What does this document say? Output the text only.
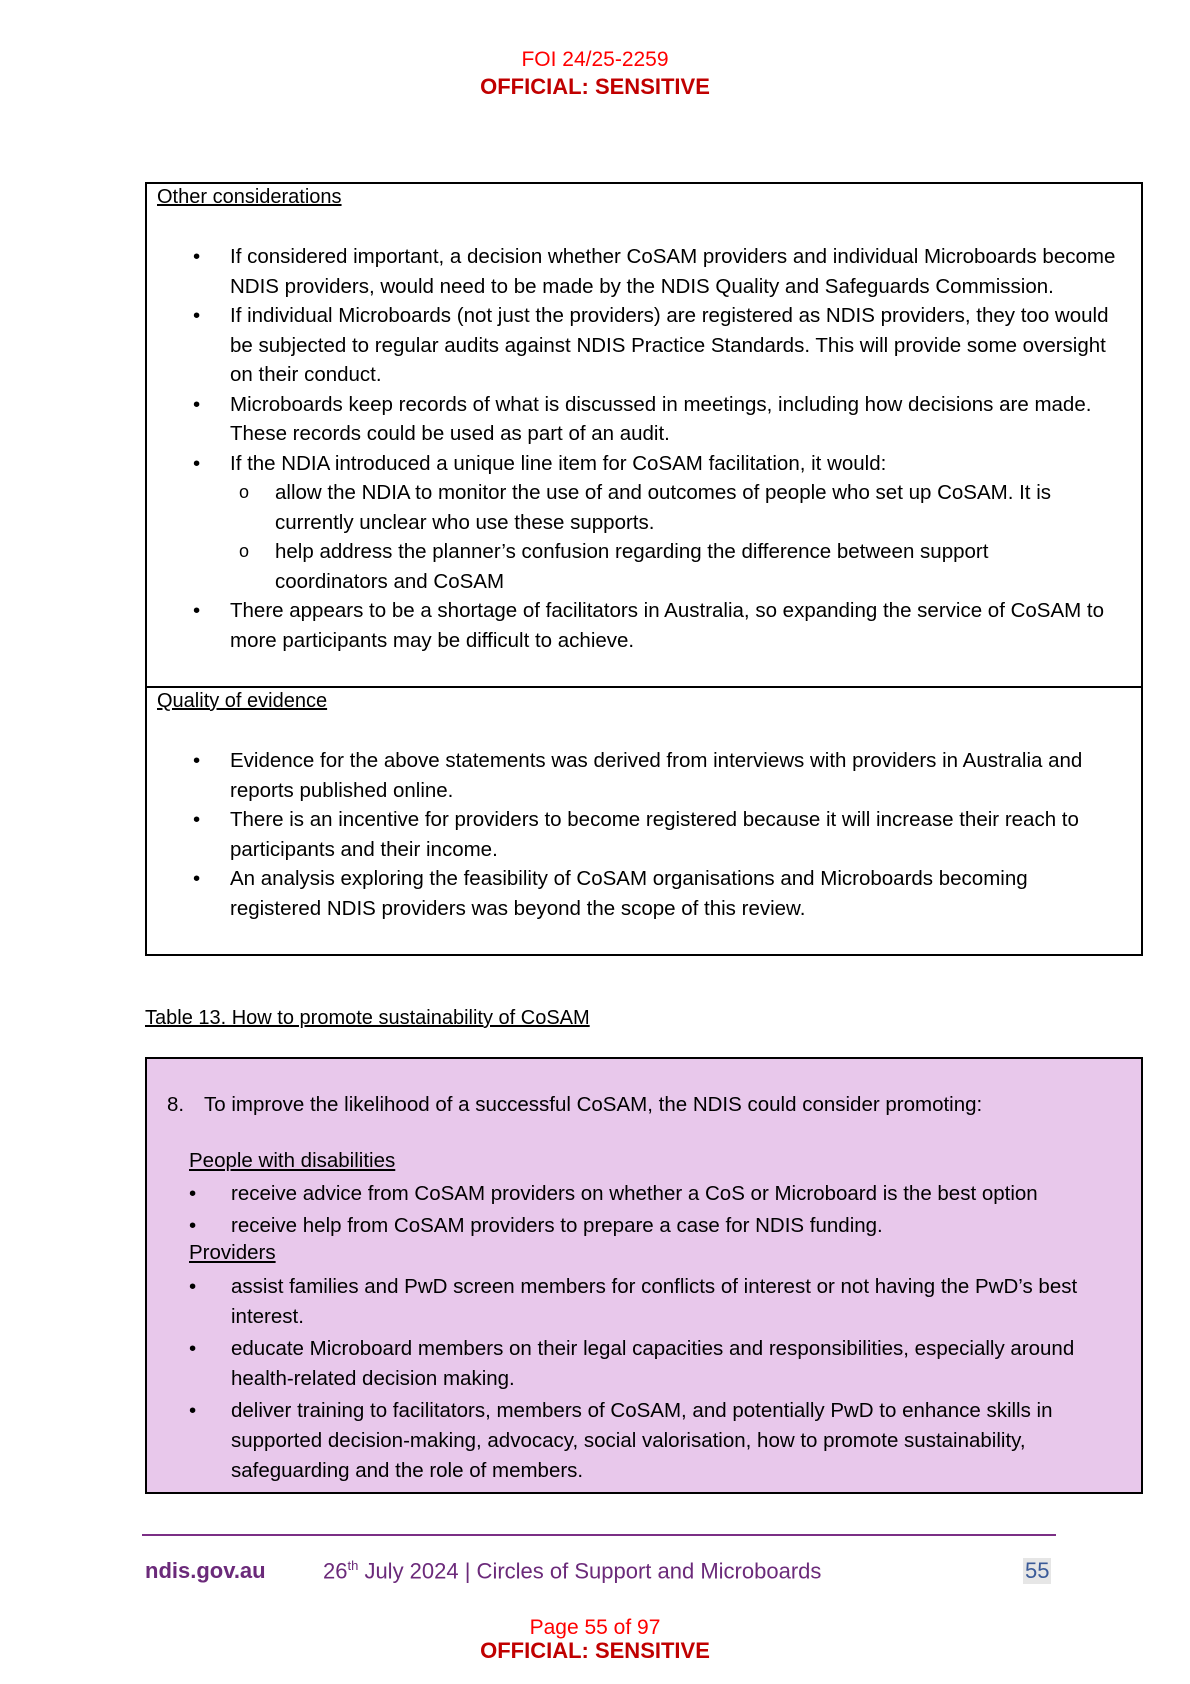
FOI 24/25-2259
OFFICIAL: SENSITIVE
Other considerations
• If considered important, a decision whether CoSAM providers and individual Microboards become NDIS providers, would need to be made by the NDIS Quality and Safeguards Commission.
• If individual Microboards (not just the providers) are registered as NDIS providers, they too would be subjected to regular audits against NDIS Practice Standards. This will provide some oversight on their conduct.
• Microboards keep records of what is discussed in meetings, including how decisions are made. These records could be used as part of an audit.
• If the NDIA introduced a unique line item for CoSAM facilitation, it would:
o allow the NDIA to monitor the use of and outcomes of people who set up CoSAM. It is currently unclear who use these supports.
o help address the planner’s confusion regarding the difference between support coordinators and CoSAM
• There appears to be a shortage of facilitators in Australia, so expanding the service of CoSAM to more participants may be difficult to achieve.
Quality of evidence
• Evidence for the above statements was derived from interviews with providers in Australia and reports published online.
• There is an incentive for providers to become registered because it will increase their reach to participants and their income.
• An analysis exploring the feasibility of CoSAM organisations and Microboards becoming registered NDIS providers was beyond the scope of this review.
Table 13. How to promote sustainability of CoSAM
8. To improve the likelihood of a successful CoSAM, the NDIS could consider promoting:
People with disabilities
• receive advice from CoSAM providers on whether a CoS or Microboard is the best option
• receive help from CoSAM providers to prepare a case for NDIS funding.
Providers
• assist families and PwD screen members for conflicts of interest or not having the PwD’s best interest.
• educate Microboard members on their legal capacities and responsibilities, especially around health-related decision making.
• deliver training to facilitators, members of CoSAM, and potentially PwD to enhance skills in supported decision-making, advocacy, social valorisation, how to promote sustainability, safeguarding and the role of members.
ndis.gov.au	26th July 2024 | Circles of Support and Microboards	55
Page 55 of 97
OFFICIAL: SENSITIVE
